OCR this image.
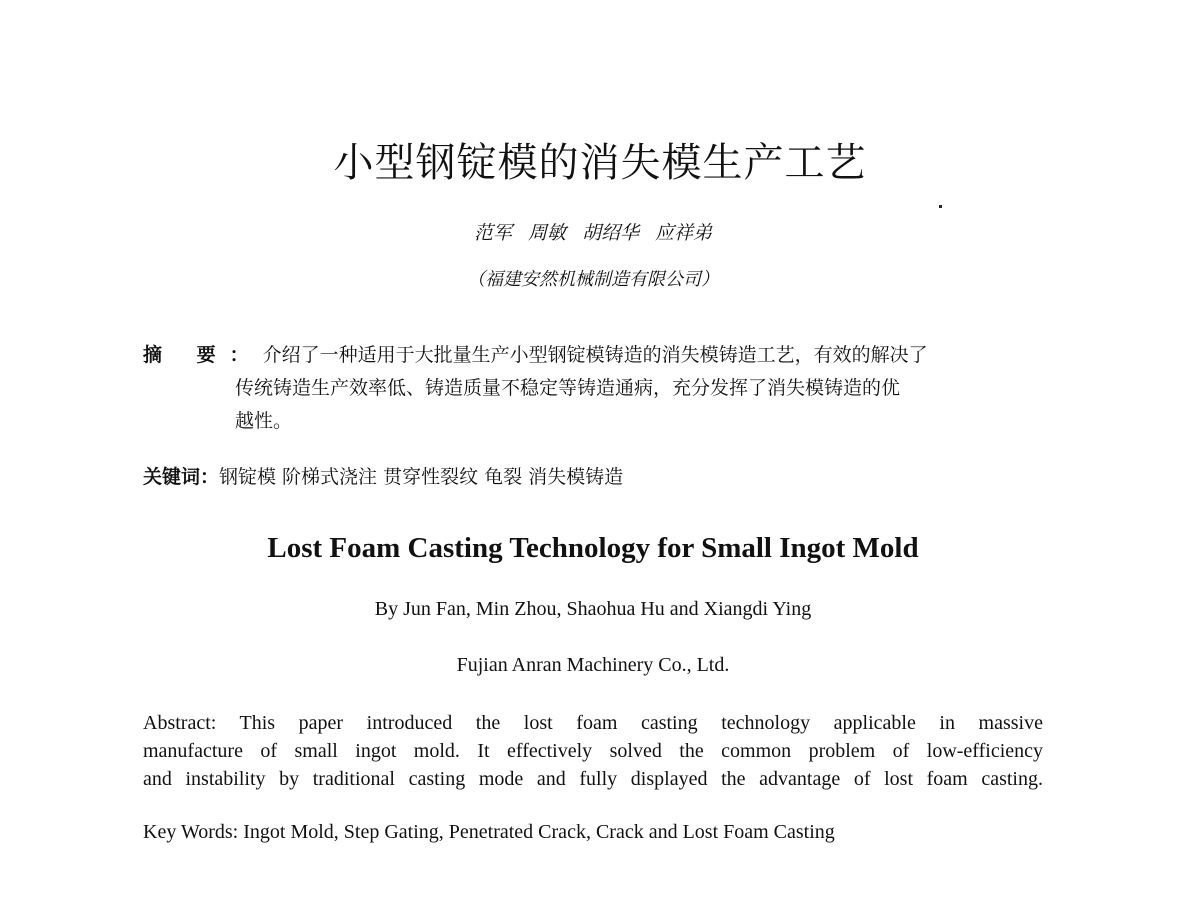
小型钢锭模的消失模生产工艺
范军 周敏 胡绍华 应祥弟
（福建安然机械制造有限公司）
摘 要：介绍了一种适用于大批量生产小型钢锭模铸造的消失模铸造工艺，有效的解决了
传统铸造生产效率低、铸造质量不稳定等铸造通病，充分发挥了消失模铸造的优
越性。
关键词：钢锭模 阶梯式浇注 贯穿性裂纹 龟裂 消失模铸造
Lost Foam Casting Technology for Small Ingot Mold
By Jun Fan, Min Zhou, Shaohua Hu and Xiangdi Ying
Fujian Anran Machinery Co., Ltd.
Abstract: This paper introduced the lost foam casting technology applicable in massive
manufacture of small ingot mold. It effectively solved the common problem of low-efficiency
and instability by traditional casting mode and fully displayed the advantage of lost foam casting.
Key Words: Ingot Mold, Step Gating, Penetrated Crack, Crack and Lost Foam Casting
